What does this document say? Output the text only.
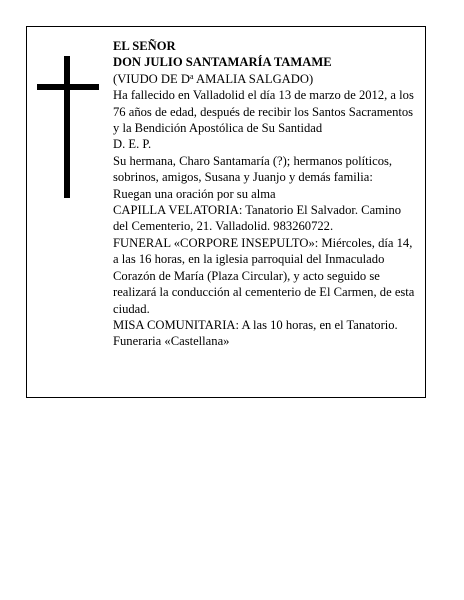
EL SEÑOR

DON JULIO SANTAMARÍA TAMAME

(VIUDO DE $D^a$ AMALIA SALGADO)

Ha fallecido en Valladolid el día 13 de marzo de 2012, a los 76 años de edad, después de recibir los Santos Sacramentos y la Bendición Apostólica de Su Santidad

D. E. P.

Su hermana, Charo Santamaría (?); hermanos políticos, sobrinos, amigos, Susana y Juanjo y demás familia:

Ruegan una oración por su alma

CAPILLA VELATORIA: Tanatorio El Salvador. Camino del Cementerio, 21. Valladolid. 983260722.

FUNERAL «CORPORE INSEPULTO»: Miércoles, día 14, a las 16 horas, en la iglesia parroquial del Inmaculado Corazón de María (Plaza Circular), y acto seguido se realizará la conducción al cementerio de El Carmen, de esta ciudad.

MISA COMUNITARIA: A las 10 horas, en el Tanatorio.

Funeraria «Castellana»
